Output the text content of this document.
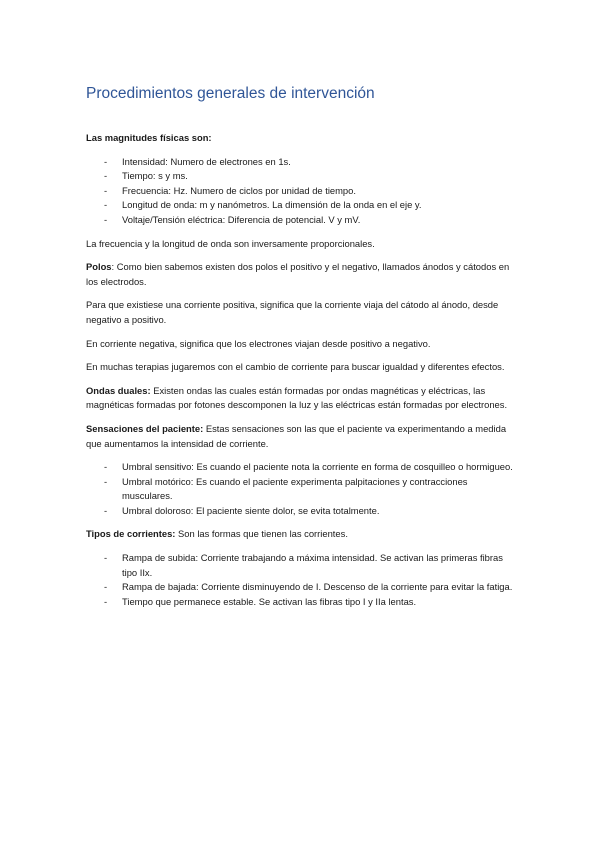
Procedimientos generales de intervención
Las magnitudes físicas son:
- Intensidad: Numero de electrones en 1s.
- Tiempo: s y ms.
- Frecuencia: Hz. Numero de ciclos por unidad de tiempo.
- Longitud de onda: m y nanómetros. La dimensión de la onda en el eje y.
- Voltaje/Tensión eléctrica: Diferencia de potencial. V y mV.

La frecuencia y la longitud de onda son inversamente proporcionales.

Polos: Como bien sabemos existen dos polos el positivo y el negativo, llamados ánodos y cátodos en los electrodos.

Para que existiese una corriente positiva, significa que la corriente viaja del cátodo al ánodo, desde negativo a positivo.

En corriente negativa, significa que los electrones viajan desde positivo a negativo.

En muchas terapias jugaremos con el cambio de corriente para buscar igualdad y diferentes efectos.

Ondas duales: Existen ondas las cuales están formadas por ondas magnéticas y eléctricas, las magnéticas formadas por fotones descomponen la luz y las eléctricas están formadas por electrones.

Sensaciones del paciente: Estas sensaciones son las que el paciente va experimentando a medida que aumentamos la intensidad de corriente.

- Umbral sensitivo: Es cuando el paciente nota la corriente en forma de cosquilleo o hormigueo.
- Umbral motórico: Es cuando el paciente experimenta palpitaciones y contracciones musculares.
- Umbral doloroso: El paciente siente dolor, se evita totalmente.

Tipos de corrientes: Son las formas que tienen las corrientes.

- Rampa de subida: Corriente trabajando a máxima intensidad. Se activan las primeras fibras tipo IIx.
- Rampa de bajada: Corriente disminuyendo de I. Descenso de la corriente para evitar la fatiga.
- Tiempo que permanece estable. Se activan las fibras tipo I y IIa lentas.
